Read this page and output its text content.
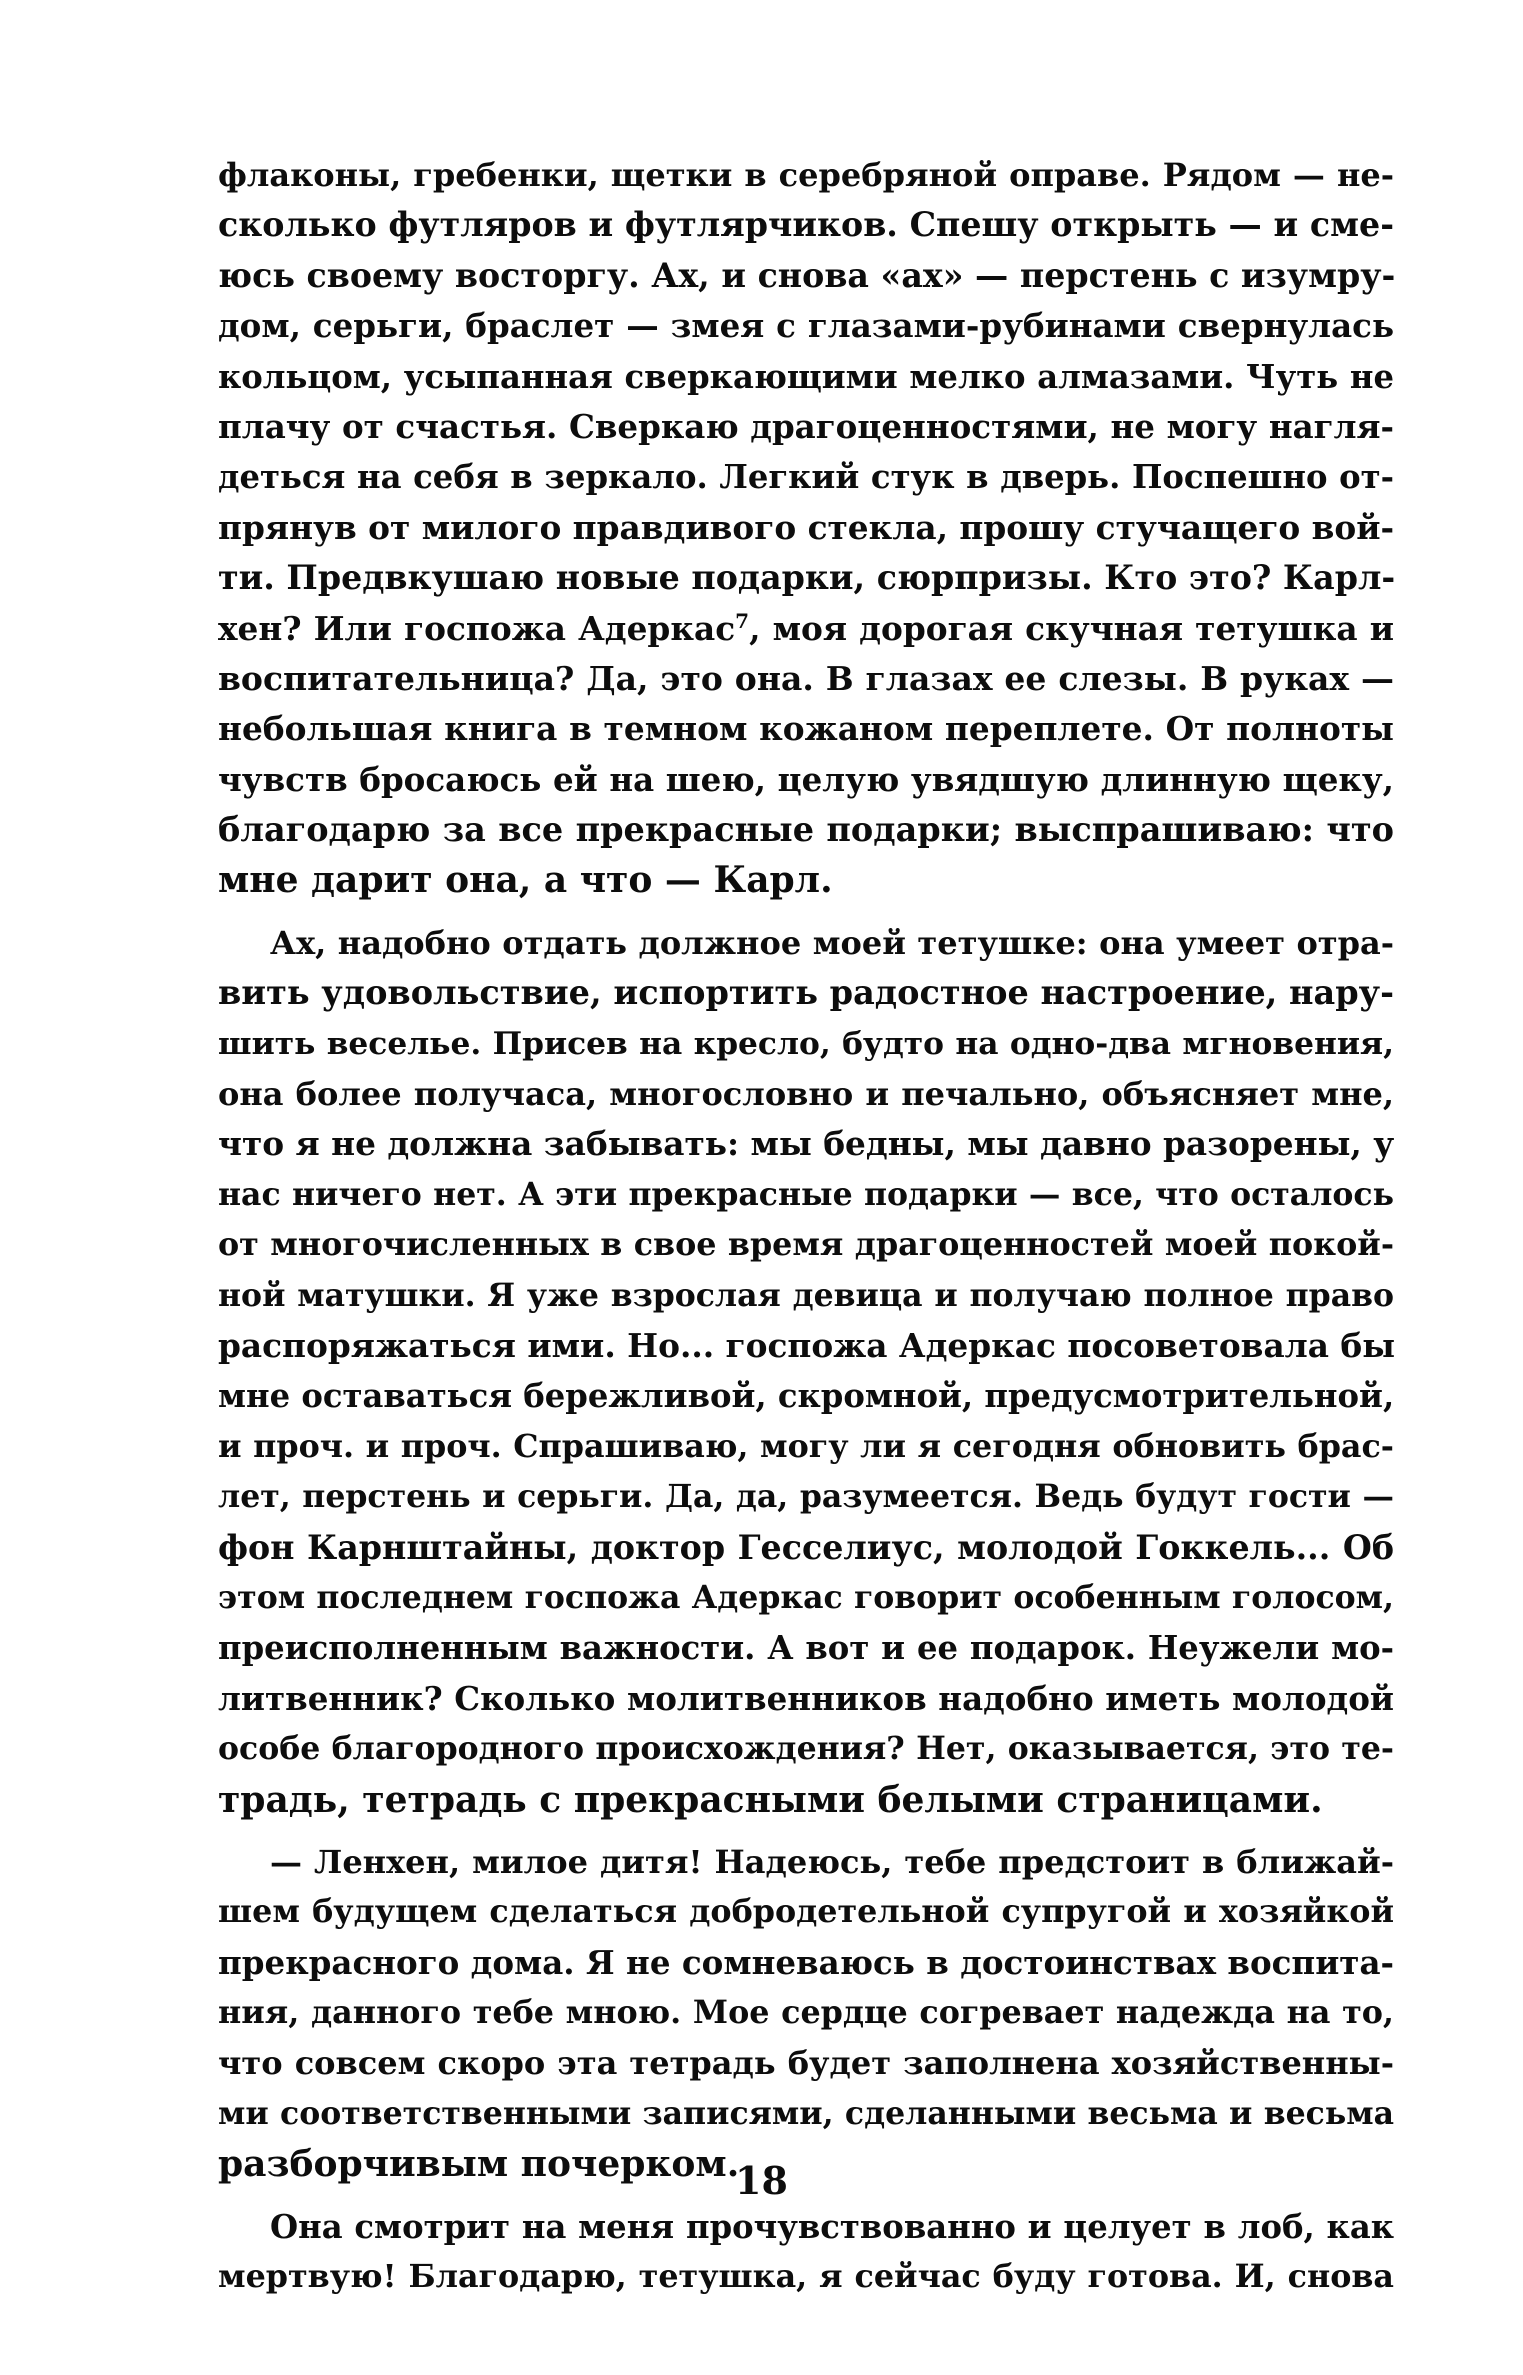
флаконы, гребенки, щетки в серебряной оправе. Рядом — не-
сколько футляров и футлярчиков. Спешу открыть — и сме-
юсь своему восторгу. Ах, и снова «ах» — перстень с изумру-
дом, серьги, браслет — змея с глазами-рубинами свернулась
кольцом, усыпанная сверкающими мелко алмазами. Чуть не
плачу от счастья. Сверкаю драгоценностями, не могу нагля-
деться на себя в зеркало. Легкий стук в дверь. Поспешно от-
прянув от милого правдивого стекла, прошу стучащего вой-
ти. Предвкушаю новые подарки, сюрпризы. Кто это? Карл-
хен? Или госпожа Адеркас$^7$, моя дорогая скучная тетушка и
воспитательница? Да, это она. В глазах ее слезы. В руках —
небольшая книга в темном кожаном переплете. От полноты
чувств бросаюсь ей на шею, целую увядшую длинную щеку,
благодарю за все прекрасные подарки; выспрашиваю: что
мне дарит она, а что — Карл.
Ах, надобно отдать должное моей тетушке: она умеет отра-
вить удовольствие, испортить радостное настроение, нару-
шить веселье. Присев на кресло, будто на одно-два мгновения,
она более получаса, многословно и печально, объясняет мне,
что я не должна забывать: мы бедны, мы давно разорены, у
нас ничего нет. А эти прекрасные подарки — все, что осталось
от многочисленных в свое время драгоценностей моей покой-
ной матушки. Я уже взрослая девица и получаю полное право
распоряжаться ими. Но... госпожа Адеркас посоветовала бы
мне оставаться бережливой, скромной, предусмотрительной,
и проч. и проч. Спрашиваю, могу ли я сегодня обновить брас-
лет, перстень и серьги. Да, да, разумеется. Ведь будут гости —
фон Карнштайны, доктор Гесселиус, молодой Гоккель... Об
этом последнем госпожа Адеркас говорит особенным голосом,
преисполненным важности. А вот и ее подарок. Неужели мо-
литвенник? Сколько молитвенников надобно иметь молодой
особе благородного происхождения? Нет, оказывается, это те-
традь, тетрадь с прекрасными белыми страницами.
— Ленхен, милое дитя! Надеюсь, тебе предстоит в ближай-
шем будущем сделаться добродетельной супругой и хозяйкой
прекрасного дома. Я не сомневаюсь в достоинствах воспита-
ния, данного тебе мною. Мое сердце согревает надежда на то,
что совсем скоро эта тетрадь будет заполнена хозяйственны-
ми соответственными записями, сделанными весьма и весьма
разборчивым почерком.
Она смотрит на меня прочувствованно и целует в лоб, как
мертвую! Благодарю, тетушка, я сейчас буду готова. И, снова
18
